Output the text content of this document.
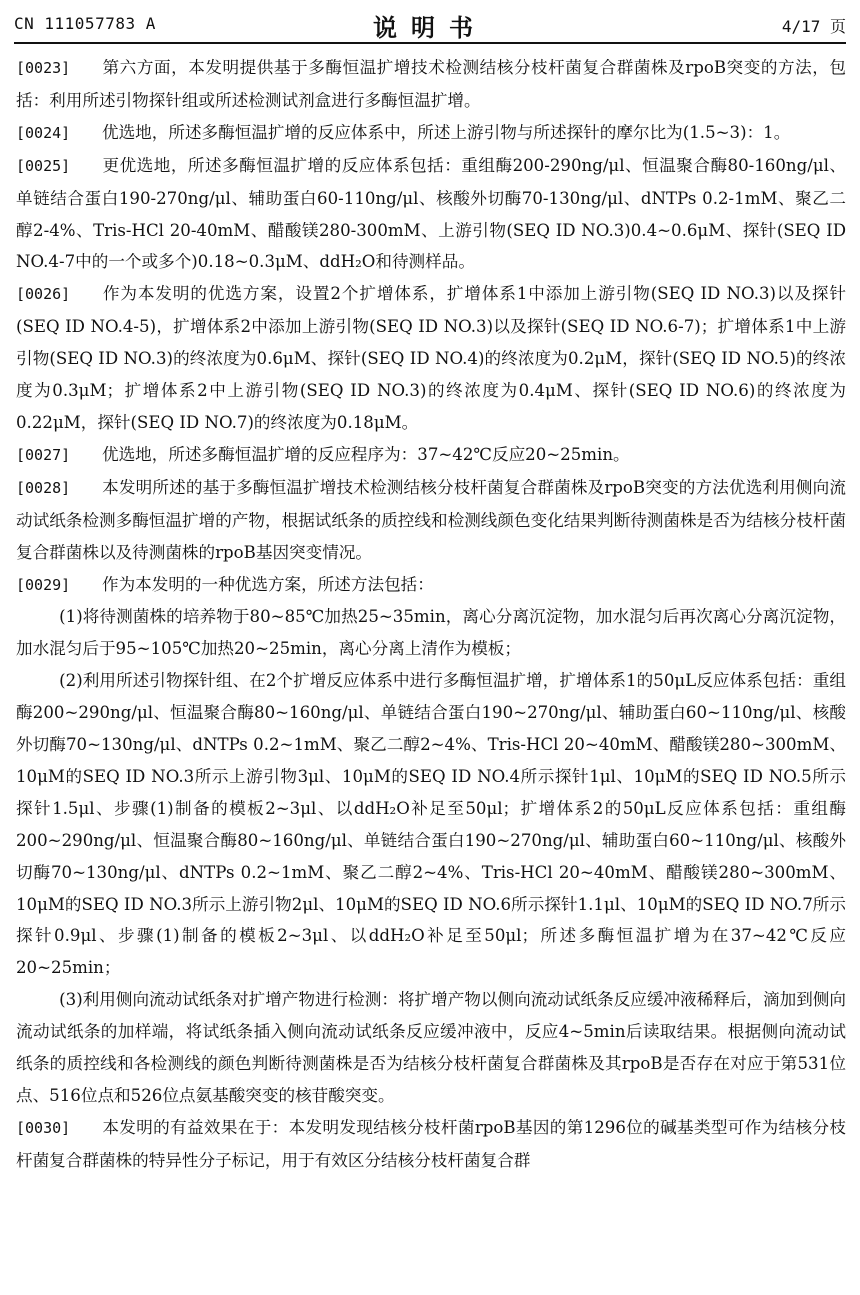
CN 111057783 A	说明书	4/17 页

[0023] 第六方面，本发明提供基于多酶恒温扩增技术检测结核分枝杆菌复合群菌株及rpoB突变的方法，包括：利用所述引物探针组或所述检测试剂盒进行多酶恒温扩增。

[0024] 优选地，所述多酶恒温扩增的反应体系中，所述上游引物与所述探针的摩尔比为(1.5~3)：1。

[0025] 更优选地，所述多酶恒温扩增的反应体系包括：重组酶200-290ng/μl、恒温聚合酶80-160ng/μl、单链结合蛋白190-270ng/μl、辅助蛋白60-110ng/μl、核酸外切酶70-130ng/μl、dNTPs 0.2-1mM、聚乙二醇2-4%、Tris-HCl 20-40mM、醋酸镁280-300mM、上游引物(SEQ ID NO.3)0.4~0.6μM、探针(SEQ ID NO.4-7中的一个或多个)0.18~0.3μM、ddH₂O和待测样品。

[0026] 作为本发明的优选方案，设置2个扩增体系，扩增体系1中添加上游引物(SEQ ID NO.3)以及探针(SEQ ID NO.4-5)，扩增体系2中添加上游引物(SEQ ID NO.3)以及探针(SEQ ID NO.6-7)；扩增体系1中上游引物(SEQ ID NO.3)的终浓度为0.6μM、探针(SEQ ID NO.4)的终浓度为0.2μM，探针(SEQ ID NO.5)的终浓度为0.3μM；扩增体系2中上游引物(SEQ ID NO.3)的终浓度为0.4μM、探针(SEQ ID NO.6)的终浓度为0.22μM，探针(SEQ ID NO.7)的终浓度为0.18μM。

[0027] 优选地，所述多酶恒温扩增的反应程序为：37~42℃反应20~25min。

[0028] 本发明所述的基于多酶恒温扩增技术检测结核分枝杆菌复合群菌株及rpoB突变的方法优选利用侧向流动试纸条检测多酶恒温扩增的产物，根据试纸条的质控线和检测线颜色变化结果判断待测菌株是否为结核分枝杆菌复合群菌株以及待测菌株的rpoB基因突变情况。

[0029] 作为本发明的一种优选方案，所述方法包括：

(1)将待测菌株的培养物于80~85℃加热25~35min，离心分离沉淀物，加水混匀后再次离心分离沉淀物，加水混匀后于95~105℃加热20~25min，离心分离上清作为模板；

(2)利用所述引物探针组、在2个扩增反应体系中进行多酶恒温扩增，扩增体系1的50μL反应体系包括：重组酶200~290ng/μl、恒温聚合酶80~160ng/μl、单链结合蛋白190~270ng/μl、辅助蛋白60~110ng/μl、核酸外切酶70~130ng/μl、dNTPs 0.2~1mM、聚乙二醇2~4%、Tris-HCl 20~40mM、醋酸镁280~300mM、10μM的SEQ ID NO.3所示上游引物3μl、10μM的SEQ ID NO.4所示探针1μl、10μM的SEQ ID NO.5所示探针1.5μl、步骤(1)制备的模板2~3μl、以ddH₂O补足至50μl；扩增体系2的50μL反应体系包括：重组酶200~290ng/μl、恒温聚合酶80~160ng/μl、单链结合蛋白190~270ng/μl、辅助蛋白60~110ng/μl、核酸外切酶70~130ng/μl、dNTPs 0.2~1mM、聚乙二醇2~4%、Tris-HCl 20~40mM、醋酸镁280~300mM、10μM的SEQ ID NO.3所示上游引物2μl、10μM的SEQ ID NO.6所示探针1.1μl、10μM的SEQ ID NO.7所示探针0.9μl、步骤(1)制备的模板2~3μl、以ddH₂O补足至50μl；所述多酶恒温扩增为在37~42℃反应20~25min；

(3)利用侧向流动试纸条对扩增产物进行检测：将扩增产物以侧向流动试纸条反应缓冲液稀释后，滴加到侧向流动试纸条的加样端，将试纸条插入侧向流动试纸条反应缓冲液中，反应4~5min后读取结果。根据侧向流动试纸条的质控线和各检测线的颜色判断待测菌株是否为结核分枝杆菌复合群菌株及其rpoB是否存在对应于第531位点、516位点和526位点氨基酸突变的核苷酸突变。

[0030] 本发明的有益效果在于：本发明发现结核分枝杆菌rpoB基因的第1296位的碱基类型可作为结核分枝杆菌复合群菌株的特异性分子标记，用于有效区分结核分枝杆菌复合群
